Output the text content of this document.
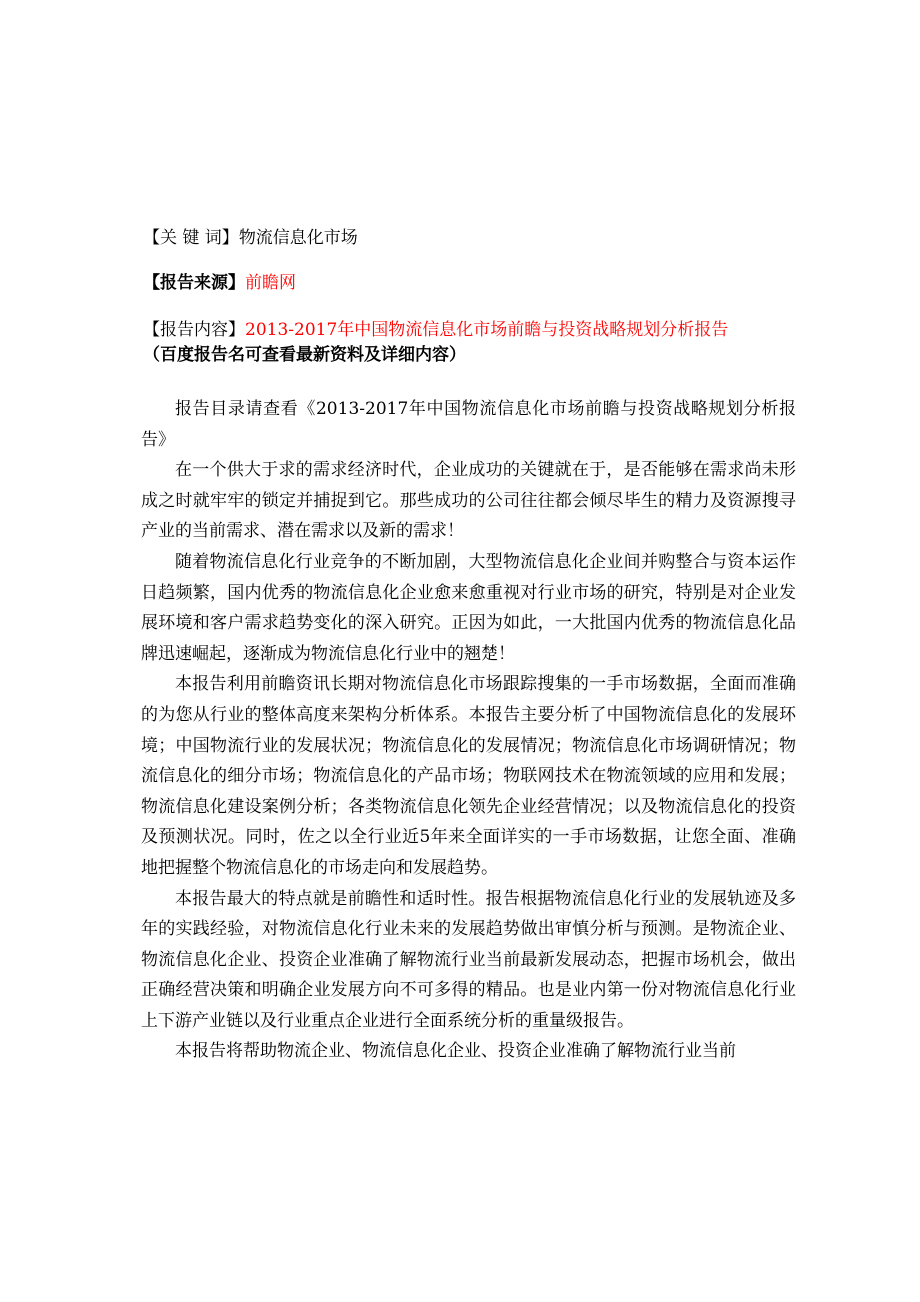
【关 键 词】物流信息化市场
【报告来源】前瞻网
【报告内容】2013-2017年中国物流信息化市场前瞻与投资战略规划分析报告
（百度报告名可查看最新资料及详细内容）

报告目录请查看《2013-2017年中国物流信息化市场前瞻与投资战略规划分析报告》

在一个供大于求的需求经济时代，企业成功的关键就在于，是否能够在需求尚未形成之时就牢牢的锁定并捕捉到它。那些成功的公司往往都会倾尽毕生的精力及资源搜寻产业的当前需求、潜在需求以及新的需求！

随着物流信息化行业竞争的不断加剧，大型物流信息化企业间并购整合与资本运作日趋频繁，国内优秀的物流信息化企业愈来愈重视对行业市场的研究，特别是对企业发展环境和客户需求趋势变化的深入研究。正因为如此，一大批国内优秀的物流信息化品牌迅速崛起，逐渐成为物流信息化行业中的翘楚！

本报告利用前瞻资讯长期对物流信息化市场跟踪搜集的一手市场数据，全面而准确的为您从行业的整体高度来架构分析体系。本报告主要分析了中国物流信息化的发展环境；中国物流行业的发展状况；物流信息化的发展情况；物流信息化市场调研情况；物流信息化的细分市场；物流信息化的产品市场；物联网技术在物流领域的应用和发展；物流信息化建设案例分析；各类物流信息化领先企业经营情况；以及物流信息化的投资及预测状况。同时，佐之以全行业近5年来全面详实的一手市场数据，让您全面、准确地把握整个物流信息化的市场走向和发展趋势。

本报告最大的特点就是前瞻性和适时性。报告根据物流信息化行业的发展轨迹及多年的实践经验，对物流信息化行业未来的发展趋势做出审慎分析与预测。是物流企业、物流信息化企业、投资企业准确了解物流行业当前最新发展动态，把握市场机会，做出正确经营决策和明确企业发展方向不可多得的精品。也是业内第一份对物流信息化行业上下游产业链以及行业重点企业进行全面系统分析的重量级报告。

本报告将帮助物流企业、物流信息化企业、投资企业准确了解物流行业当前
